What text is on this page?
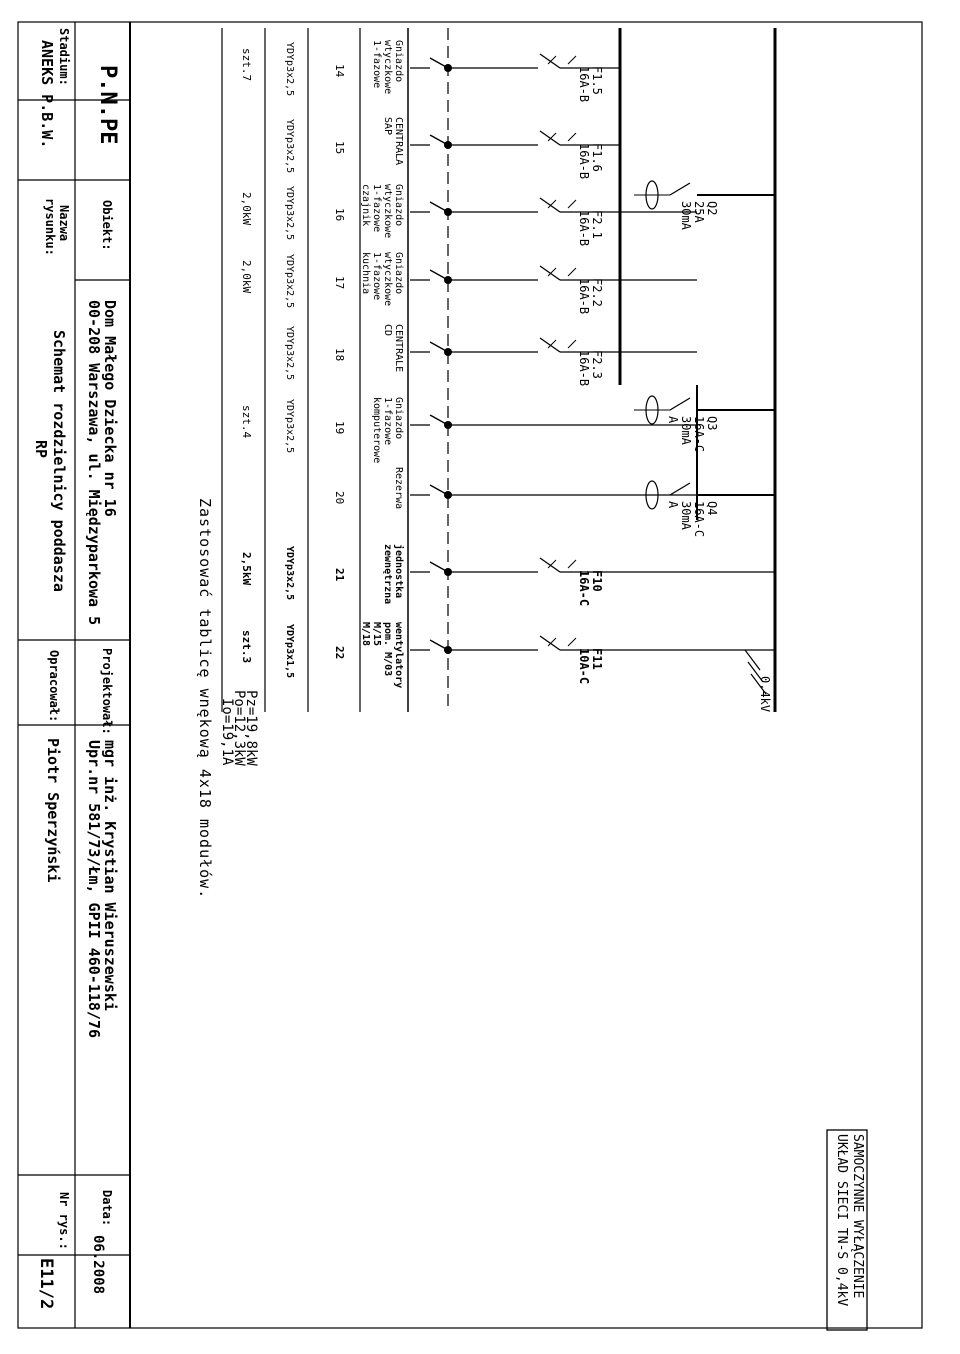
P.N.PE
Obiekt:
Dom Małego Dziecka nr 16
00-208 Warszawa, ul. Międzyparkowa 5
Projektował:
mgr inż. Krystian Wieruszewski
Upr.nr 581/73/Łm, GPII 460-118/76
Data:
06.2008
Stadium:
ANEKS P.B.W.
Nazwa
rysunku:
Schemat rozdzielnicy poddasza
RP
Opracował:
Piotr Sperzyński
Nr rys.:
E11/2	SAMOCZYNNE WYŁĄCZENIE
UKŁAD SIECI TN-S 0,4kV
0,4kV
Pz=19,8kW
Po=12,3kW
Io=19,1A
Zastosować tablicę wnękową 4x18 modułów.
F1.5
16A-B
Gniazdo
wtyczkowe
1-fazowe
14
YDYp3x2,5
szt.7
F1.6
16A-B
CENTRALA
SAP
15
YDYp3x2,5
F2.1
16A-B
Gniazdo
wtyczkowe
1-fazowe
czajnik
16
YDYp3x2,5
2,0kW
F2.2
16A-B
Gniazdo
wtyczkowe
1-fazowe
kuchnia
17
YDYp3x2,5
2,0kW
F2.3
16A-B
CENTRALE
CD
18
YDYp3x2,5
Gniazdo
1-fazowe
komputerowe
19
YDYp3x2,5
szt.4
Rezerwa
20
F10
16A-C
jednostka
zewnętrzna
21
YDYp3x2,5
2,5kW
F11
10A-C
wentylatory
pom. M/03
M/15
M/18
22
YDYp3x1,5
szt.3
Q2
25A
30mA
Q3
16A-C
30mA
A
Q4
16A-C
30mA
A
